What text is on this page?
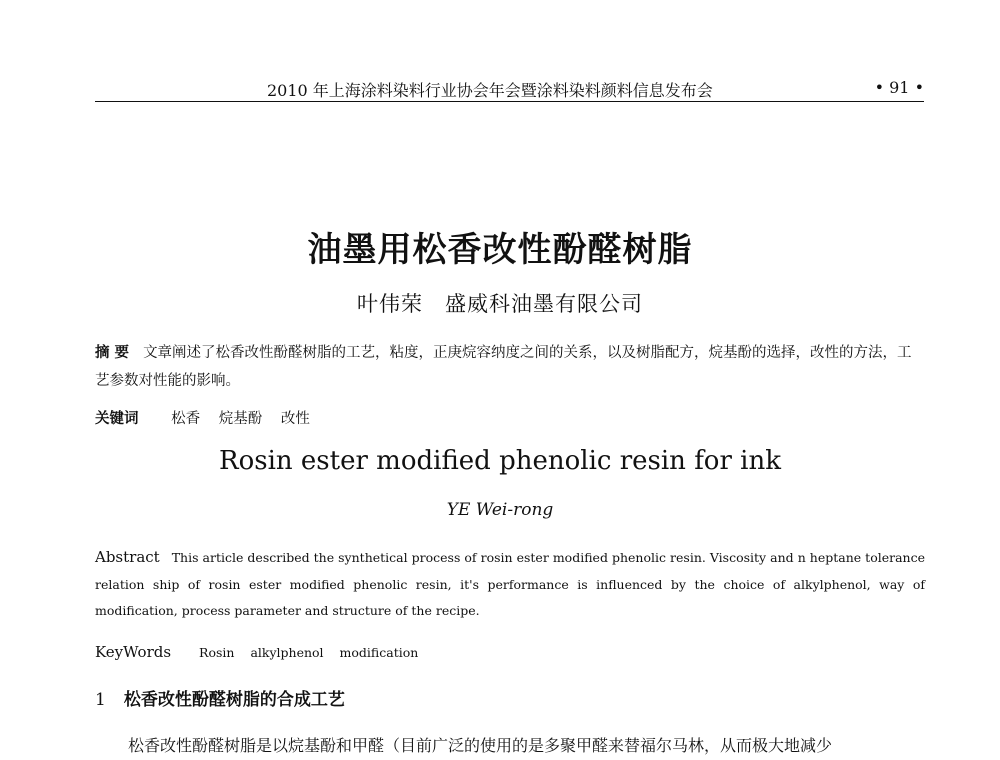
2010 年上海涂料染料行业协会年会暨涂料染料颜料信息发布会	• 91 •
油墨用松香改性酚醛树脂
叶伟荣　盛威科油墨有限公司
摘 要 文章阐述了松香改性酚醛树脂的工艺，粘度，正庚烷容纳度之间的关系，以及树脂配方，烷基酚的选择，改性的方法，工艺参数对性能的影响。
关键词 松香 烷基酚 改性
Rosin ester modified phenolic resin for ink
YE Wei-rong
Abstract This article described the synthetical process of rosin ester modified phenolic resin. Viscosity and n heptane tolerance relation ship of rosin ester modified phenolic resin, it's performance is influenced by the choice of alkylphenol, way of modification, process parameter and structure of the recipe.
KeyWords Rosin alkylphenol modification
1 松香改性酚醛树脂的合成工艺
松香改性酚醛树脂是以烷基酚和甲醛（目前广泛的使用的是多聚甲醛来替福尔马林，从而极大地减少
